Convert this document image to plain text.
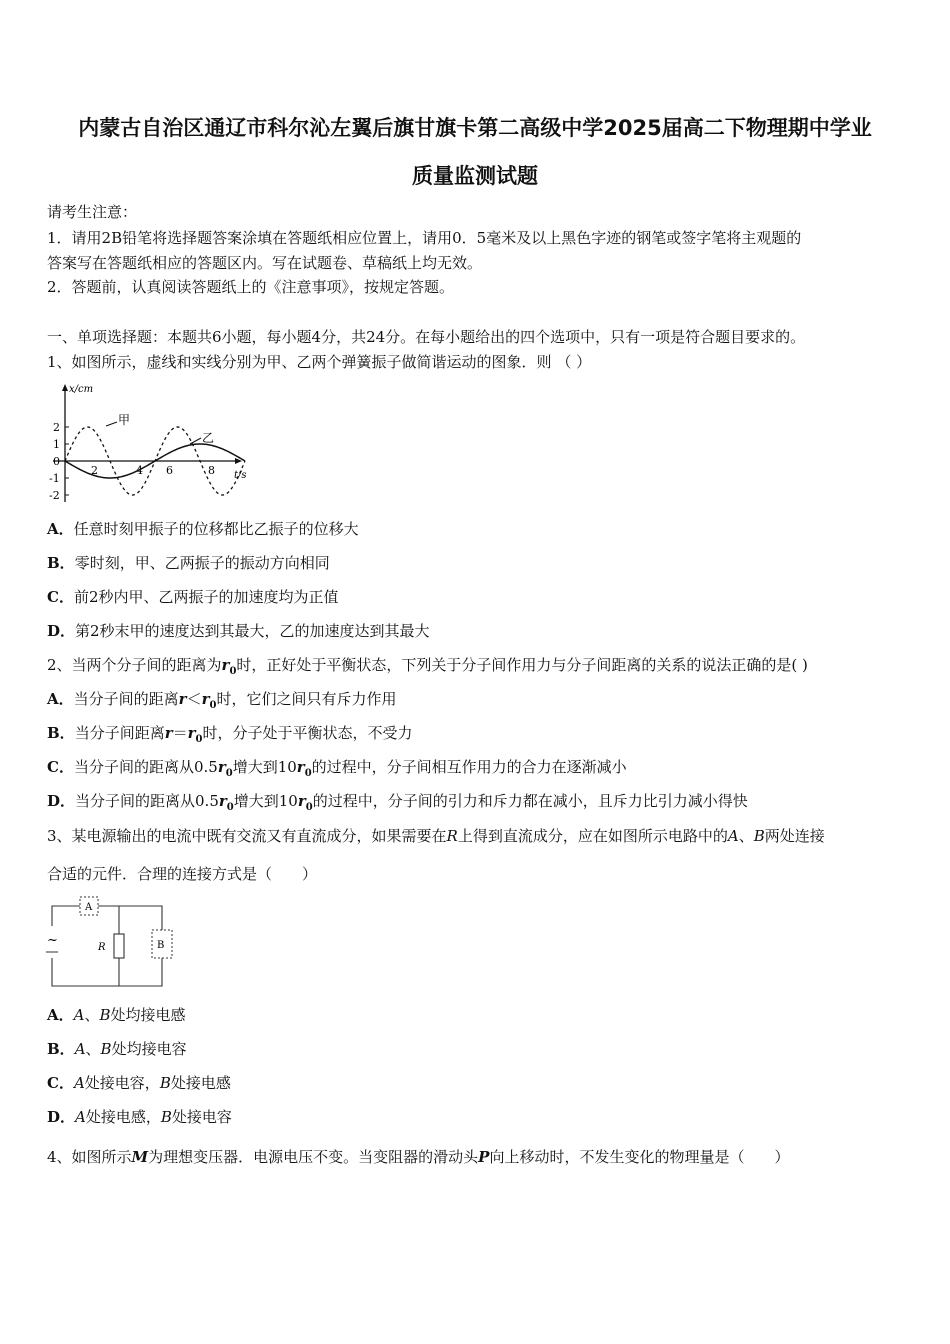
内蒙古自治区通辽市科尔沁左翼后旗甘旗卡第二高级中学2025届高二下物理期中学业
质量监测试题
请考生注意：
1．请用2B铅笔将选择题答案涂填在答题纸相应位置上，请用0．5毫米及以上黑色字迹的钢笔或签字笔将主观题的
答案写在答题纸相应的答题区内。写在试题卷、草稿纸上均无效。
2．答题前，认真阅读答题纸上的《注意事项》，按规定答题。
一、单项选择题：本题共6小题，每小题4分，共24分。在每小题给出的四个选项中，只有一项是符合题目要求的。
1、如图所示，虚线和实线分别为甲、乙两个弹簧振子做简谐运动的图象．则 （ ）
x/cm
t/s
2
1
0
-1
-2
2	4 6	8
甲
乙
A．任意时刻甲振子的位移都比乙振子的位移大
B．零时刻，甲、乙两振子的振动方向相同
C．前2秒内甲、乙两振子的加速度均为正值
D．第2秒末甲的速度达到其最大，乙的加速度达到其最大
2、当两个分子间的距离为$r_0$时，正好处于平衡状态，下列关于分子间作用力与分子间距离的关系的说法正确的是( )
A．当分子间的距离$r<r_0$时，它们之间只有斥力作用
B．当分子间距离$r=r_0$时，分子处于平衡状态，不受力
C．当分子间的距离从$0.5r_0$增大到$10r_0$的过程中，分子间相互作用力的合力在逐渐减小
D．当分子间的距离从$0.5r_0$增大到$10r_0$的过程中，分子间的引力和斥力都在减小，且斥力比引力减小得快
3、某电源输出的电流中既有交流又有直流成分，如果需要在R上得到直流成分，应在如图所示电路中的A、B两处连接
合适的元件．合理的连接方式是（　　）
~
A
R	B
A．A、B处均接电感
B．A、B处均接电容
C．A处接电容，B处接电感
D．A处接电感，B处接电容
4、如图所示M为理想变压器．电源电压不变。当变阻器的滑动头P向上移动时，不发生变化的物理量是（　　）
